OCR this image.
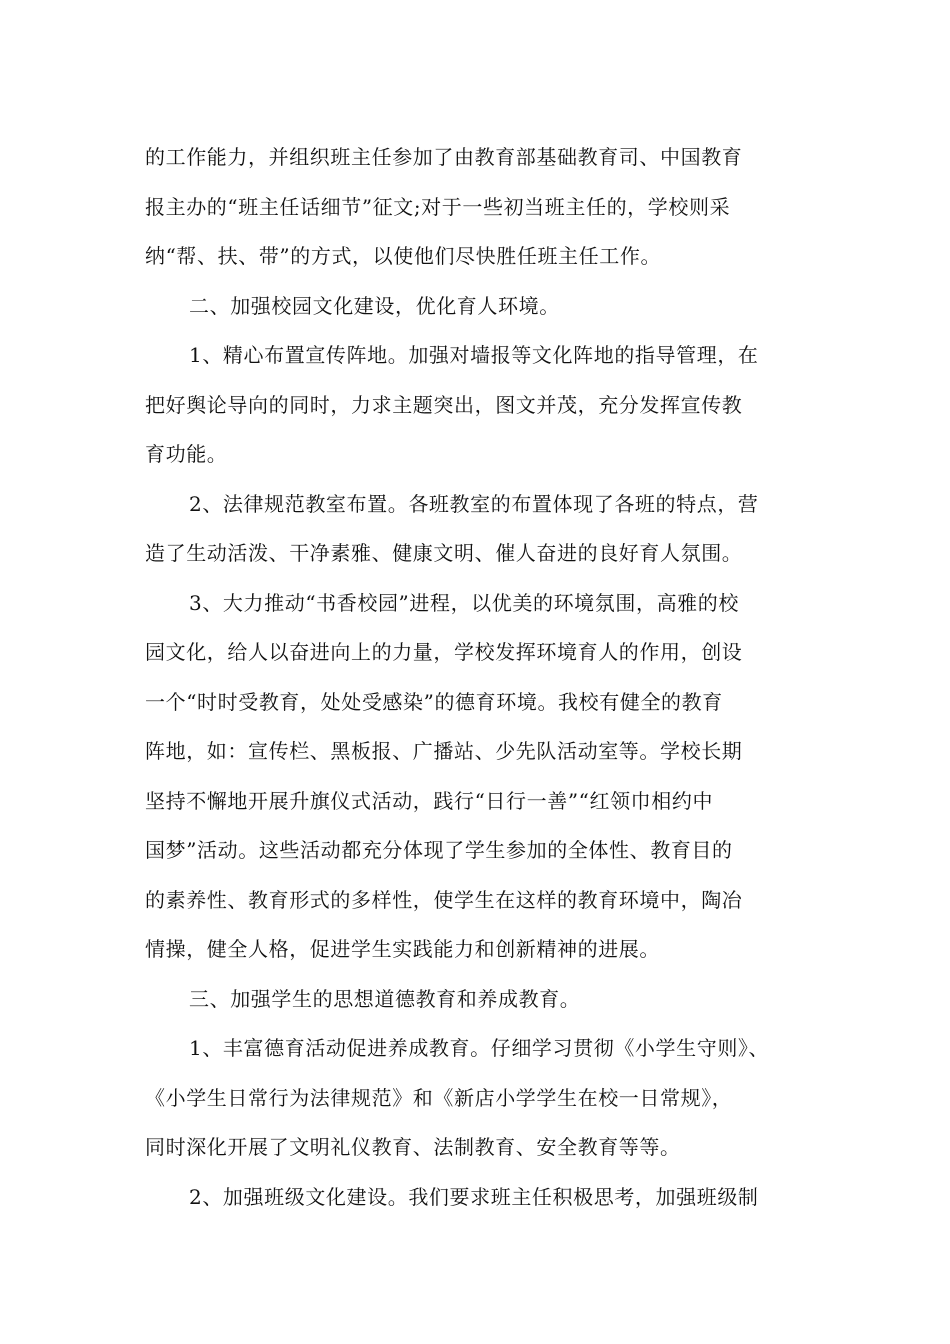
的工作能力，并组织班主任参加了由教育部基础教育司、中国教育
报主办的“班主任话细节”征文;对于一些初当班主任的，学校则采
纳“帮、扶、带”的方式，以使他们尽快胜任班主任工作。
二、加强校园文化建设，优化育人环境。
1、精心布置宣传阵地。加强对墙报等文化阵地的指导管理，在
把好舆论导向的同时，力求主题突出，图文并茂，充分发挥宣传教
育功能。
2、法律规范教室布置。各班教室的布置体现了各班的特点，营
造了生动活泼、干净素雅、健康文明、催人奋进的良好育人氛围。
3、大力推动“书香校园”进程，以优美的环境氛围，高雅的校
园文化，给人以奋进向上的力量，学校发挥环境育人的作用，创设
一个“时时受教育，处处受感染”的德育环境。我校有健全的教育
阵地，如：宣传栏、黑板报、广播站、少先队活动室等。学校长期
坚持不懈地开展升旗仪式活动，践行“日行一善”“红领巾相约中
国梦”活动。这些活动都充分体现了学生参加的全体性、教育目的
的素养性、教育形式的多样性，使学生在这样的教育环境中，陶冶
情操，健全人格，促进学生实践能力和创新精神的进展。
三、加强学生的思想道德教育和养成教育。
1、丰富德育活动促进养成教育。仔细学习贯彻《小学生守则》、
《小学生日常行为法律规范》和《新店小学学生在校一日常规》，
同时深化开展了文明礼仪教育、法制教育、安全教育等等。
2、加强班级文化建设。我们要求班主任积极思考，加强班级制
